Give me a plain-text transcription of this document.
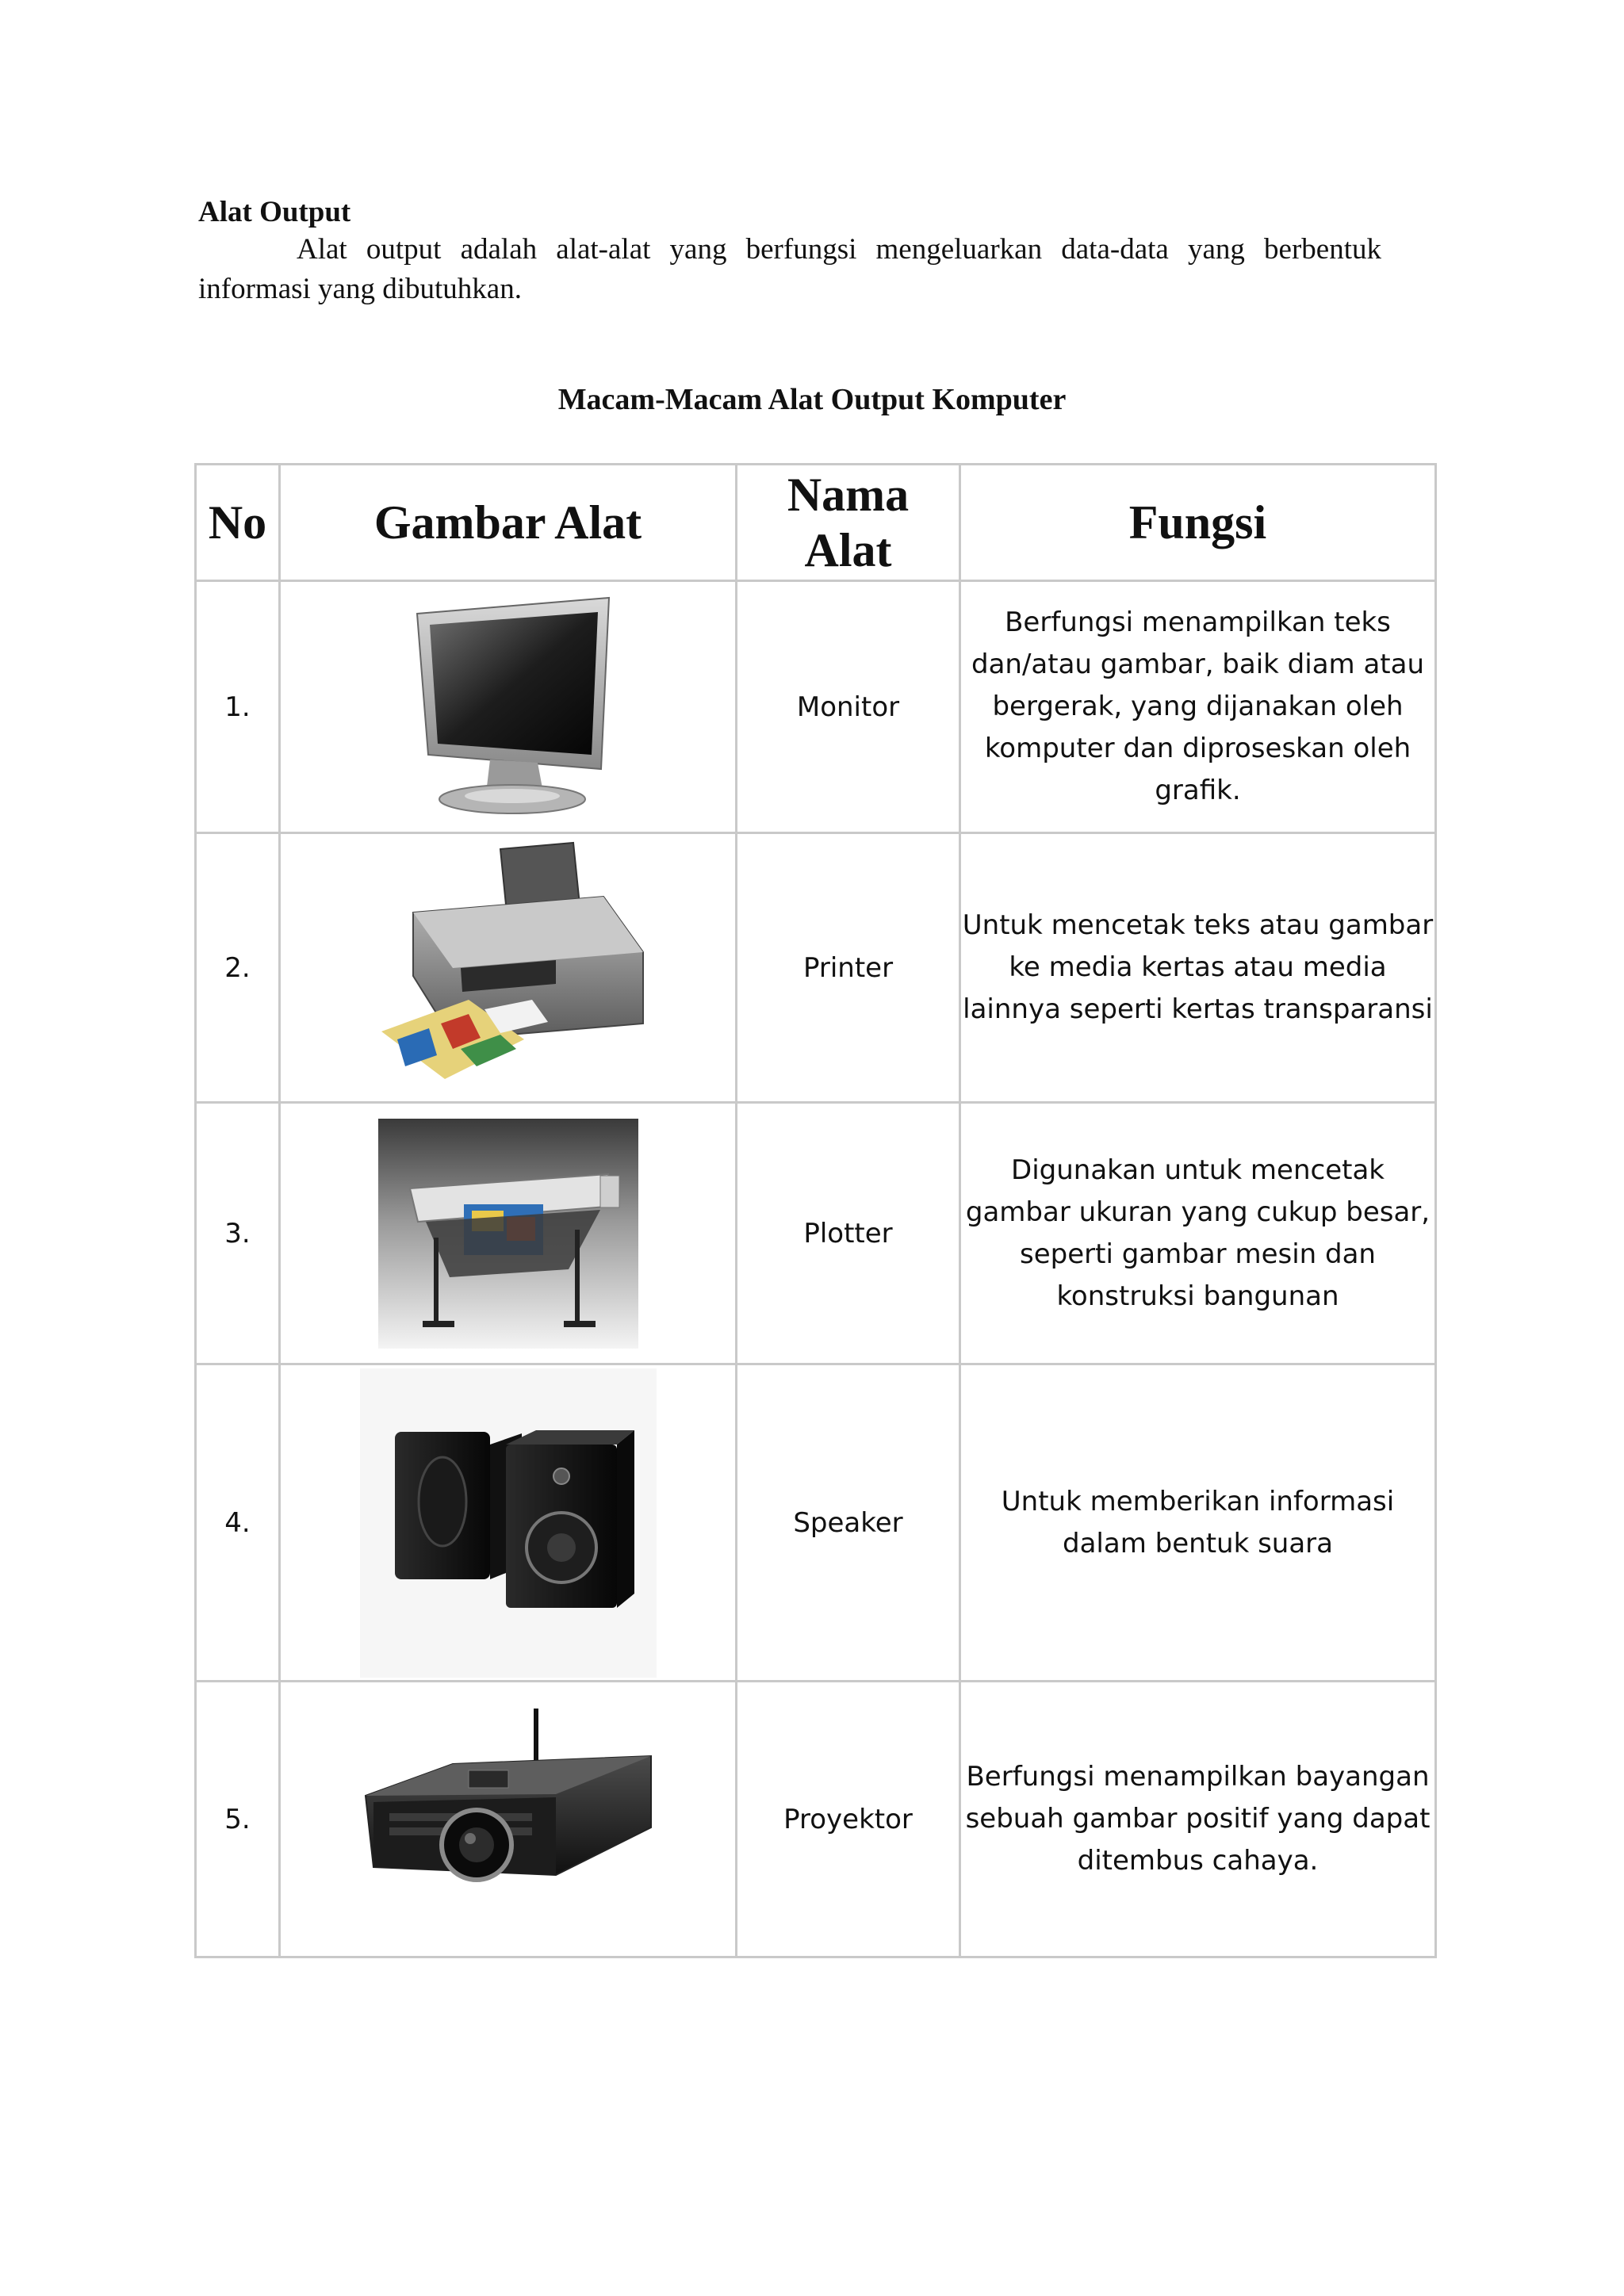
Alat Output
Alat output adalah alat-alat yang berfungsi mengeluarkan data-data yang berbentuk informasi yang dibutuhkan.
Macam-Macam Alat Output Komputer
No	Gambar Alat	Nama Alat	Fungsi
1.		Monitor	Berfungsi menampilkan teks dan/atau gambar, baik diam atau bergerak, yang dijanakan oleh komputer dan diproseskan oleh grafik.
2.		Printer	Untuk mencetak teks atau gambar ke media kertas atau media lainnya seperti kertas transparansi
3.		Plotter	Digunakan untuk mencetak gambar ukuran yang cukup besar, seperti gambar mesin dan konstruksi bangunan
4.		Speaker	Untuk memberikan informasi dalam bentuk suara
5.		Proyektor	Berfungsi menampilkan bayangan sebuah gambar positif yang dapat ditembus cahaya.
